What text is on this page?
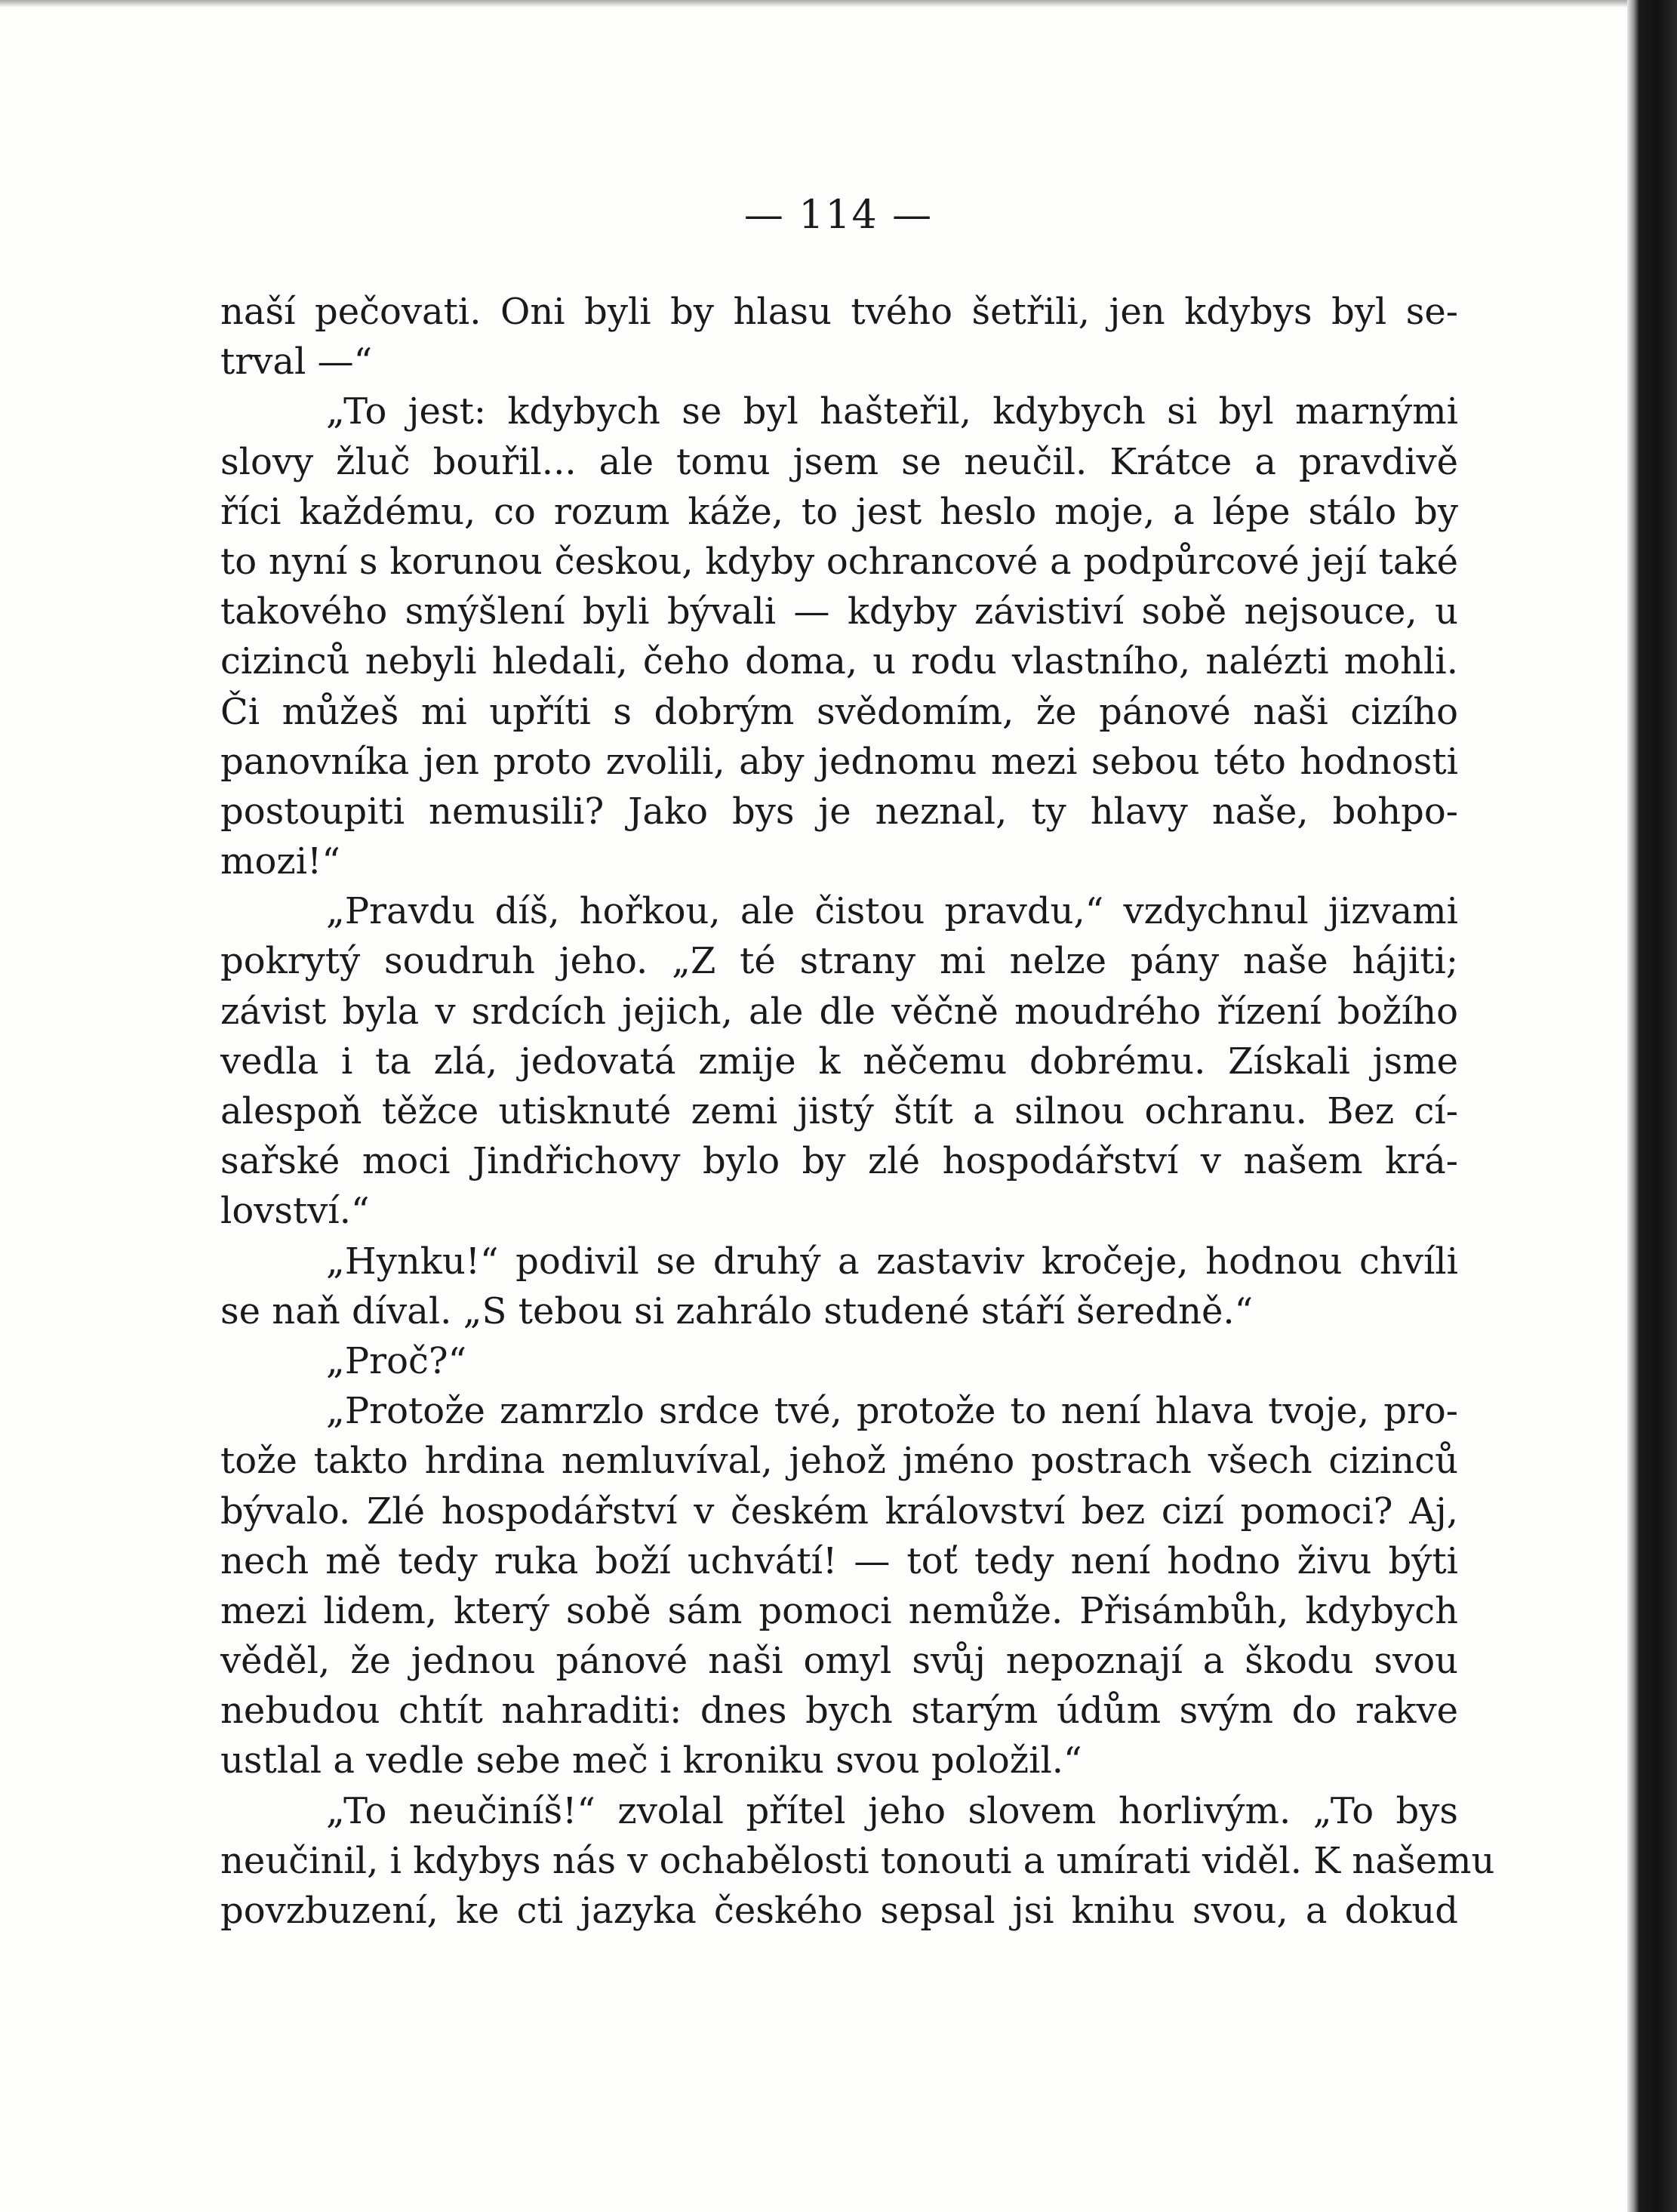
— 114 —
naší pečovati. Oni byli by hlasu tvého šetřili, jen kdybys byl se-
trval —“
„To jest: kdybych se byl hašteřil, kdybych si byl marnými
slovy žluč bouřil... ale tomu jsem se neučil. Krátce a pravdivě
říci každému, co rozum káže, to jest heslo moje, a lépe stálo by
to nyní s korunou českou, kdyby ochrancové a podpůrcové její také
takového smýšlení byli bývali — kdyby závistiví sobě nejsouce, u
cizinců nebyli hledali, čeho doma, u rodu vlastního, nalézti mohli.
Či můžeš mi upříti s dobrým svědomím, že pánové naši cizího
panovníka jen proto zvolili, aby jednomu mezi sebou této hodnosti
postoupiti nemusili? Jako bys je neznal, ty hlavy naše, bohpo-
mozi!“
„Pravdu díš, hořkou, ale čistou pravdu,“ vzdychnul jizvami
pokrytý soudruh jeho. „Z té strany mi nelze pány naše hájiti;
závist byla v srdcích jejich, ale dle věčně moudrého řízení božího
vedla i ta zlá, jedovatá zmije k něčemu dobrému. Získali jsme
alespoň těžce utisknuté zemi jistý štít a silnou ochranu. Bez cí-
sařské moci Jindřichovy bylo by zlé hospodářství v našem krá-
lovství.“
„Hynku!“ podivil se druhý a zastaviv kročeje, hodnou chvíli
se naň díval. „S tebou si zahrálo studené stáří šeredně.“
„Proč?“
„Protože zamrzlo srdce tvé, protože to není hlava tvoje, pro-
tože takto hrdina nemluvíval, jehož jméno postrach všech cizinců
bývalo. Zlé hospodářství v českém království bez cizí pomoci? Aj,
nech mě tedy ruka boží uchvátí! — toť tedy není hodno živu býti
mezi lidem, který sobě sám pomoci nemůže. Přisámbůh, kdybych
věděl, že jednou pánové naši omyl svůj nepoznají a škodu svou
nebudou chtít nahraditi: dnes bych starým údům svým do rakve
ustlal a vedle sebe meč i kroniku svou položil.“
„To neučiníš!“ zvolal přítel jeho slovem horlivým. „To bys
neučinil, i kdybys nás v ochabělosti tonouti a umírati viděl. K našemu
povzbuzení, ke cti jazyka českého sepsal jsi knihu svou, a dokud
